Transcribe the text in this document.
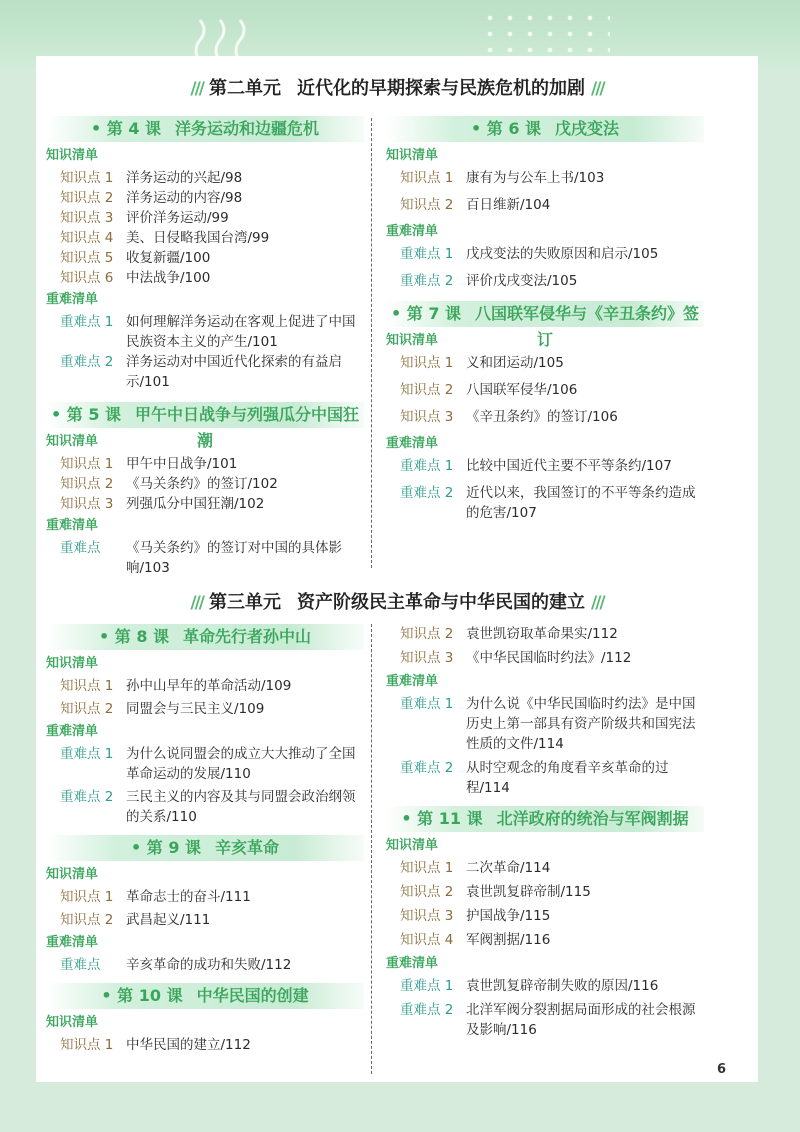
/// 第二单元 近代化的早期探索与民族危机的加剧 ///
• 第 4 课 洋务运动和边疆危机
知识清单
知识点 1 洋务运动的兴起/98
知识点 2 洋务运动的内容/98
知识点 3 评价洋务运动/99
知识点 4 美、日侵略我国台湾/99
知识点 5 收复新疆/100
知识点 6 中法战争/100
重难清单
重难点 1 如何理解洋务运动在客观上促进了中国民族资本主义的产生/101
重难点 2 洋务运动对中国近代化探索的有益启示/101
• 第 5 课 甲午中日战争与列强瓜分中国狂潮
知识清单
知识点 1 甲午中日战争/101
知识点 2 《马关条约》的签订/102
知识点 3 列强瓜分中国狂潮/102
重难清单
重难点	《马关条约》的签订对中国的具体影响/103
• 第 6 课 戊戌变法
知识清单
知识点 1 康有为与公车上书/103
知识点 2 百日维新/104
重难清单
重难点 1 戊戌变法的失败原因和启示/105
重难点 2 评价戊戌变法/105
• 第 7 课 八国联军侵华与《辛丑条约》签订
知识清单
知识点 1 义和团运动/105
知识点 2 八国联军侵华/106
知识点 3 《辛丑条约》的签订/106
重难清单
重难点 1 比较中国近代主要不平等条约/107
重难点 2 近代以来，我国签订的不平等条约造成的危害/107
/// 第三单元 资产阶级民主革命与中华民国的建立 ///
• 第 8 课 革命先行者孙中山
知识清单
知识点 1 孙中山早年的革命活动/109
知识点 2 同盟会与三民主义/109
重难清单
重难点 1 为什么说同盟会的成立大大推动了全国革命运动的发展/110
重难点 2 三民主义的内容及其与同盟会政治纲领的关系/110
• 第 9 课 辛亥革命
知识清单
知识点 1 革命志士的奋斗/111
知识点 2 武昌起义/111
重难清单
重难点	辛亥革命的成功和失败/112
• 第 10 课 中华民国的创建
知识清单
知识点 1 中华民国的建立/112
知识点 2 袁世凯窃取革命果实/112
知识点 3 《中华民国临时约法》/112
重难清单
重难点 1 为什么说《中华民国临时约法》是中国历史上第一部具有资产阶级共和国宪法性质的文件/114
重难点 2 从时空观念的角度看辛亥革命的过程/114
• 第 11 课 北洋政府的统治与军阀割据
知识清单
知识点 1 二次革命/114
知识点 2 袁世凯复辟帝制/115
知识点 3 护国战争/115
知识点 4 军阀割据/116
重难清单
重难点 1 袁世凯复辟帝制失败的原因/116
重难点 2 北洋军阀分裂割据局面形成的社会根源及影响/116
6
